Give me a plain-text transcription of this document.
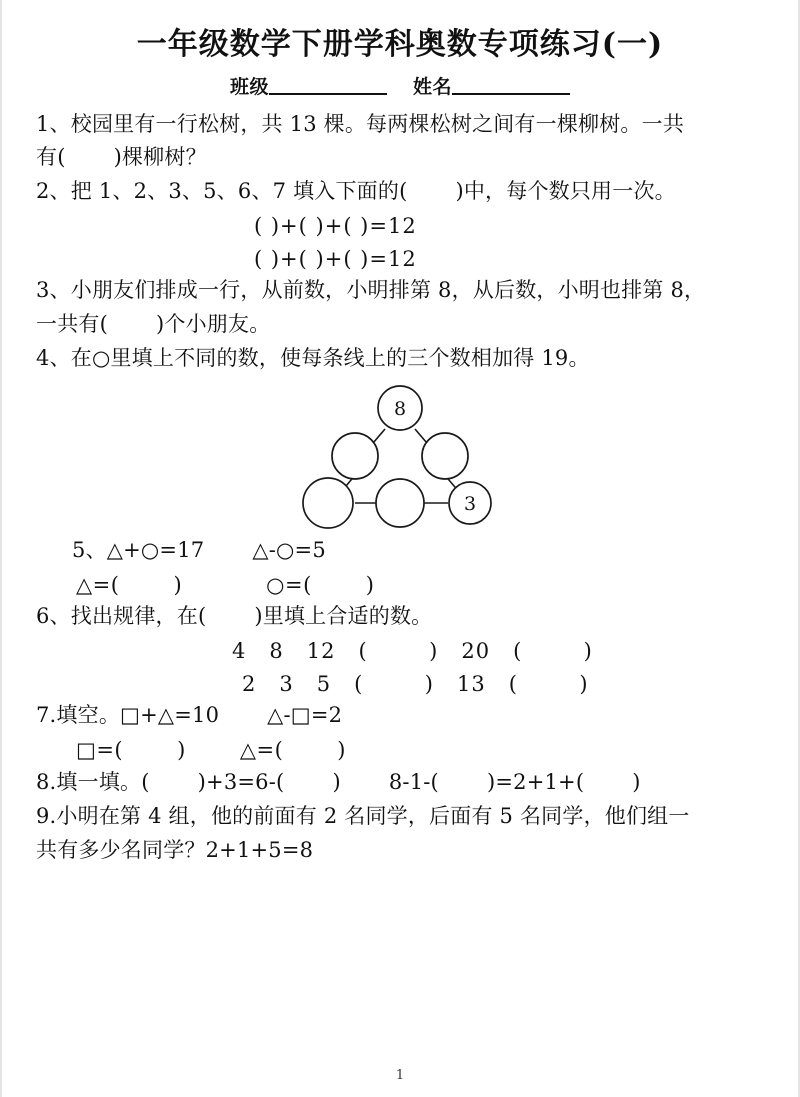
一年级数学下册学科奥数专项练习(一)
班级	姓名

1、校园里有一行松树，共 13 棵。每两棵松树之间有一棵柳树。一共

有( )棵柳树？

2、把 1、2、3、5、6、7 填入下面的( )中，每个数只用一次。

( )+( )+( )=12

( )+( )+( )=12

3、小朋友们排成一行，从前数，小明排第 8，从后数，小明也排第 8，

一共有( )个小朋友。

4、在○里填上不同的数，使每条线上的三个数相加得 19。

8
3

5、△+○=17 △-○=5

△=(	)	○=(	)

6、找出规律，在( )里填上合适的数。

4   8   12   (        )   20   (        )

2   3   5   (        )   13   (        )

7.填空。□+△=10 △-□=2

□=(	)	△=(	)

8.填一填。( )+3=6-( ) 8-1-( )=2+1+( )

9.小明在第 4 组，他的前面有 2 名同学，后面有 5 名同学，他们组一

共有多少名同学？2+1+5=8

1
